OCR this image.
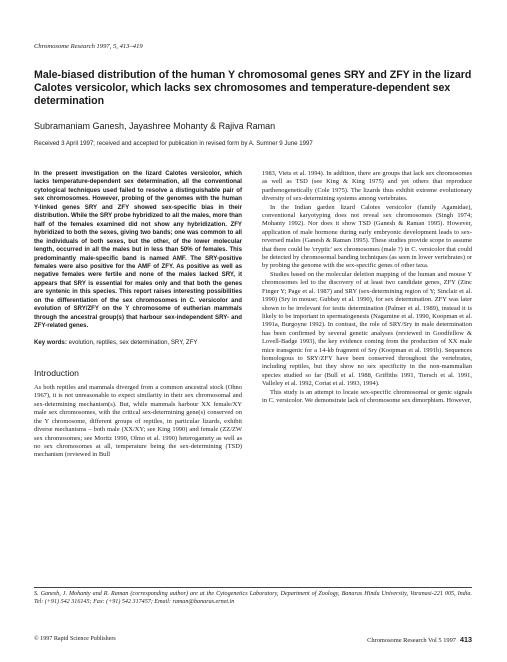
Chromosome Research 1997, 5, 413–419
Male-biased distribution of the human Y chromosomal genes SRY and ZFY in the lizard Calotes versicolor, which lacks sex chromosomes and temperature-dependent sex determination
Subramaniam Ganesh, Jayashree Mohanty & Rajiva Raman
Received 3 April 1997; received and accepted for publication in revised form by A. Sumner 9 June 1997

In the present investigation on the lizard Calotes versicolor, which lacks temperature-dependent sex determination, all the conventional cytological techniques used failed to resolve a distinguishable pair of sex chromosomes. However, probing of the genomes with the human Y-linked genes SRY and ZFY showed sex-specific bias in their distribution. While the SRY probe hybridized to all the males, more than half of the females examined did not show any hybridization. ZFY hybridized to both the sexes, giving two bands; one was common to all the individuals of both sexes, but the other, of the lower molecular length, occurred in all the males but in less than 50% of females. This predominantly male-specific band is named AMF. The SRY-positive females were also positive for the AMF of ZFY. As positive as well as negative females were fertile and none of the males lacked SRY, it appears that SRY is essential for males only and that both the genes are syntenic in this species. This report raises interesting possibilities on the differentiation of the sex chromosomes in C. versicolor and evolution of SRY/ZFY on the Y chromosome of eutherian mammals through the ancestral group(s) that harbour sex-independent SRY- and ZFY-related genes.

Key words: evolution, reptiles, sex determination, SRY, ZFY

Introduction

As both reptiles and mammals diverged from a common ancestral stock (Ohno 1967), it is not unreasonable to expect similarity in their sex chromosomal and sex-determining mechanism(s). But, while mammals harbour XX female/XY male sex chromosomes, with the critical sex-determining gene(s) conserved on the Y chromosome, different groups of reptiles, in particular lizards, exhibit diverse mechanisms – both male (XX/XY; see King 1990) and female (ZZ/ZW sex chromosomes; see Moritz 1990, Olmo et al. 1990) heterogamety as well as no sex chromosomes at all, temperature being the sex-determining (TSD) mechanism (reviewed in Bull

1983, Viets et al. 1994). In addition, there are groups that lack sex chromosomes as well as TSD (see King & King 1975) and yet others that reproduce parthenogenetically (Cole 1975). The lizards thus exhibit extreme evolutionary diversity of sex-determining systems among vertebrates.

In the Indian garden lizard Calotes versicolor (family Agamidae), conventional karyotyping does not reveal sex chromosomes (Singh 1974; Mohanty 1992). Nor does it show TSD (Ganesh & Raman 1995). However, application of male hormone during early embryonic development leads to sex-reversed males (Ganesh & Raman 1995). These studies provide scope to assume that there could be 'cryptic' sex chromosomes (male ?) in C. versicolor that could be detected by chromosomal banding techniques (as seen in lower vertebrates) or by probing the genome with the sex-specific genes of other taxa.

Studies based on the molecular deletion mapping of the human and mouse Y chromosomes led to the discovery of at least two candidate genes, ZFY (Zinc Finger Y; Page et al. 1987) and SRY (sex-determining region of Y; Sinclair et al. 1990) (Sry in mouse; Gubbay et al. 1990), for sex determination. ZFY was later shown to be irrelevant for testis determination (Palmer et al. 1989), instead it is likely to be important in spermatogenesis (Nagamine et al. 1990, Koopman et al. 1991a, Burgoyne 1992). In contrast, the role of SRY/Sry in male determination has been confirmed by several genetic analyses (reviewed in Goodfellow & Lovell-Badge 1993), the key evidence coming from the production of XX male mice transgenic for a 14-kb fragment of Sry (Koopman et al. 1991b). Sequences homologous to SRY/ZFY have been conserved throughout the vertebrates, including reptiles, but they show no sex specificity in the non-mammalian species studied so far (Bull et al. 1988, Griffiths 1991, Tiersch et al. 1991, Valleley et al. 1992, Coriat et al. 1993, 1994).

This study is an attempt to locate sex-specific chromosomal or genic signals in C. versicolor. We demonstrate lack of chromosome sex dimorphism. However,

S. Ganesh, J. Mohanty and R. Raman (corresponding author) are at the Cytogenetics Laboratory, Department of Zoology, Banaras Hindu University, Varanasi-221 005, India. Tel: (+91) 542 316145; Fax: (+91) 542 317457; Email: raman@banaras.ernet.in
© 1997 Rapid Science Publishers	Chromosome Research Vol 5 1997 413
